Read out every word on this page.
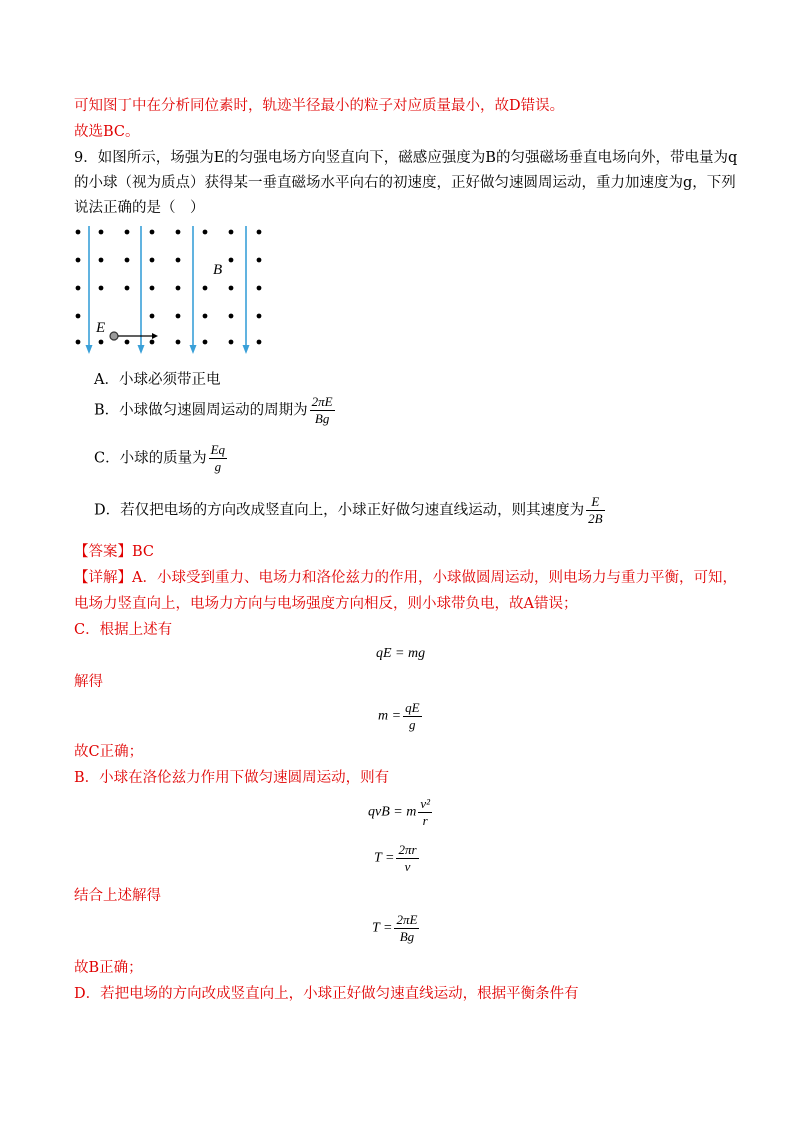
可知图丁中在分析同位素时，轨迹半径最小的粒子对应质量最小，故D错误。
故选BC。
9．如图所示，场强为E的匀强电场方向竖直向下，磁感应强度为B的匀强磁场垂直电场向外，带电量为q
的小球（视为质点）获得某一垂直磁场水平向右的初速度，正好做匀速圆周运动，重力加速度为g，下列
说法正确的是（　）
B
E
A．小球必须带正电
B．小球做匀速圆周运动的周期为 $\frac{2\pi E}{Bg}$
C．小球的质量为 $\frac{Eq}{g}$
D．若仅把电场的方向改成竖直向上，小球正好做匀速直线运动，则其速度为 $\frac{E}{2B}$
【答案】BC
【详解】A．小球受到重力、电场力和洛伦兹力的作用，小球做圆周运动，则电场力与重力平衡，可知，
电场力竖直向上，电场力方向与电场强度方向相反，则小球带负电，故A错误；
C．根据上述有
qE = mg
解得
$m = \frac{qE}{g}$
故C正确；
B．小球在洛伦兹力作用下做匀速圆周运动，则有
qvB = m $\frac{\text{v²}}{r}$
$T = \frac{2\pi r}{v}$
结合上述解得
$T = \frac{2\pi E}{Bg}$
故B正确；
D．若把电场的方向改成竖直向上，小球正好做匀速直线运动，根据平衡条件有
